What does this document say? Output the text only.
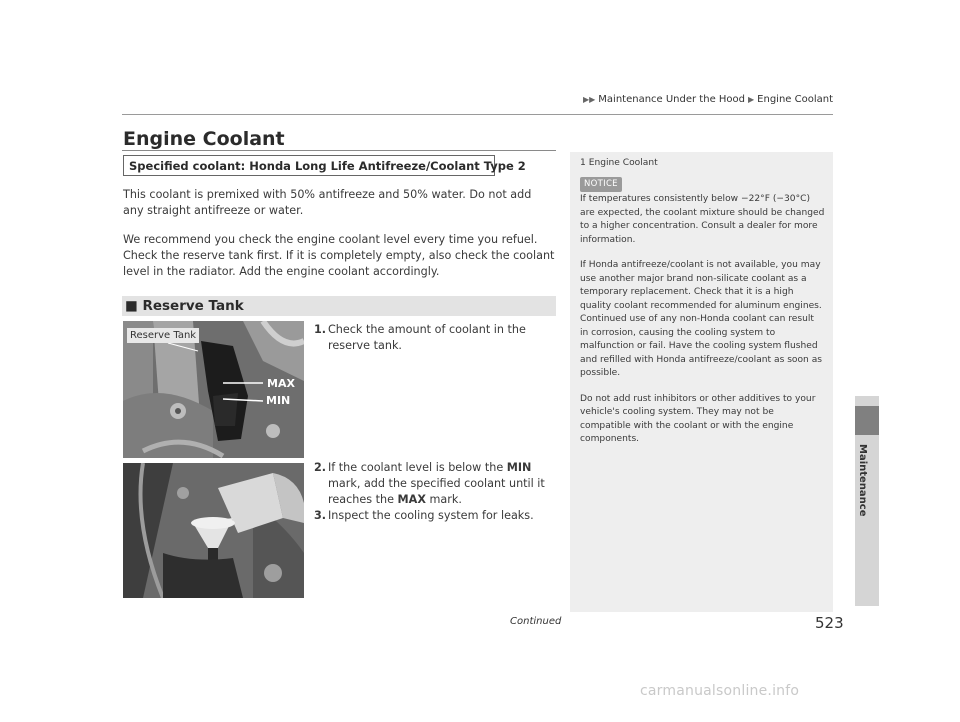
▶▶ Maintenance Under the Hood ▶ Engine Coolant
Engine Coolant
Specified coolant: Honda Long Life Antifreeze/Coolant Type 2
This coolant is premixed with 50% antifreeze and 50% water. Do not add any straight antifreeze or water.
We recommend you check the engine coolant level every time you refuel. Check the reserve tank first. If it is completely empty, also check the coolant level in the radiator. Add the engine coolant accordingly.
■ Reserve Tank
Reserve Tank
MAX
MIN
1. Check the amount of coolant in the reserve tank.
2. If the coolant level is below the MIN mark, add the specified coolant until it reaches the MAX mark.
3. Inspect the cooling system for leaks.
1 Engine Coolant
NOTICE

If temperatures consistently below −22°F (−30°C) are expected, the coolant mixture should be changed to a higher concentration. Consult a dealer for more information.

If Honda antifreeze/coolant is not available, you may use another major brand non-silicate coolant as a temporary replacement. Check that it is a high quality coolant recommended for aluminum engines. Continued use of any non-Honda coolant can result in corrosion, causing the cooling system to malfunction or fail. Have the cooling system flushed and refilled with Honda antifreeze/coolant as soon as possible.

Do not add rust inhibitors or other additives to your vehicle's cooling system. They may not be compatible with the coolant or with the engine components.

Maintenance
Continued	523
carmanualsonline.info
